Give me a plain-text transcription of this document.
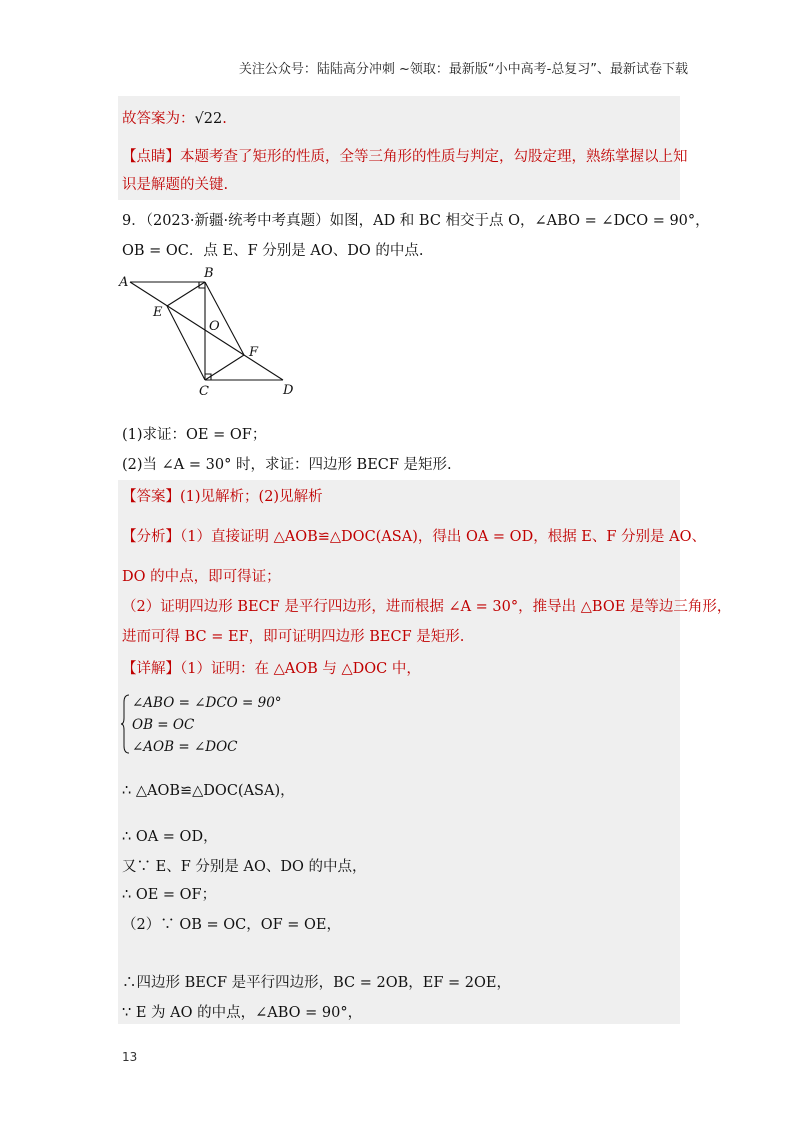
关注公众号：陆陆高分冲刺 ~领取：最新版“小中高考-总复习”、最新试卷下载
故答案为：√22.
【点睛】本题考查了矩形的性质，全等三角形的性质与判定，勾股定理，熟练掌握以上知
识是解题的关键.
9．（2023·新疆·统考中考真题）如图，AD 和 BC 相交于点 O，∠ABO = ∠DCO = 90°，
OB = OC．点 E、F 分别是 AO、DO 的中点.
A
B
E
O
F
C	D
(1)求证：OE = OF；
(2)当 ∠A = 30° 时，求证：四边形 BECF 是矩形.
【答案】(1)见解析；(2)见解析
【分析】（1）直接证明 △AOB≌△DOC(ASA)，得出 OA = OD，根据 E、F 分别是 AO、
DO 的中点，即可得证；
（2）证明四边形 BECF 是平行四边形，进而根据 ∠A = 30°，推导出 △BOE 是等边三角形，
进而可得 BC = EF，即可证明四边形 BECF 是矩形.
【详解】（1）证明：在 △AOB 与 △DOC 中，
∠ABO = ∠DCO = 90°
OB = OC
∠AOB = ∠DOC
∴ △AOB≌△DOC(ASA)，
∴ OA = OD，
又∵ E、F 分别是 AO、DO 的中点，
∴ OE = OF；
（2）∵ OB = OC，OF = OE，
∴四边形 BECF 是平行四边形，BC = 2OB，EF = 2OE，
∵ E 为 AO 的中点，∠ABO = 90°，
13
